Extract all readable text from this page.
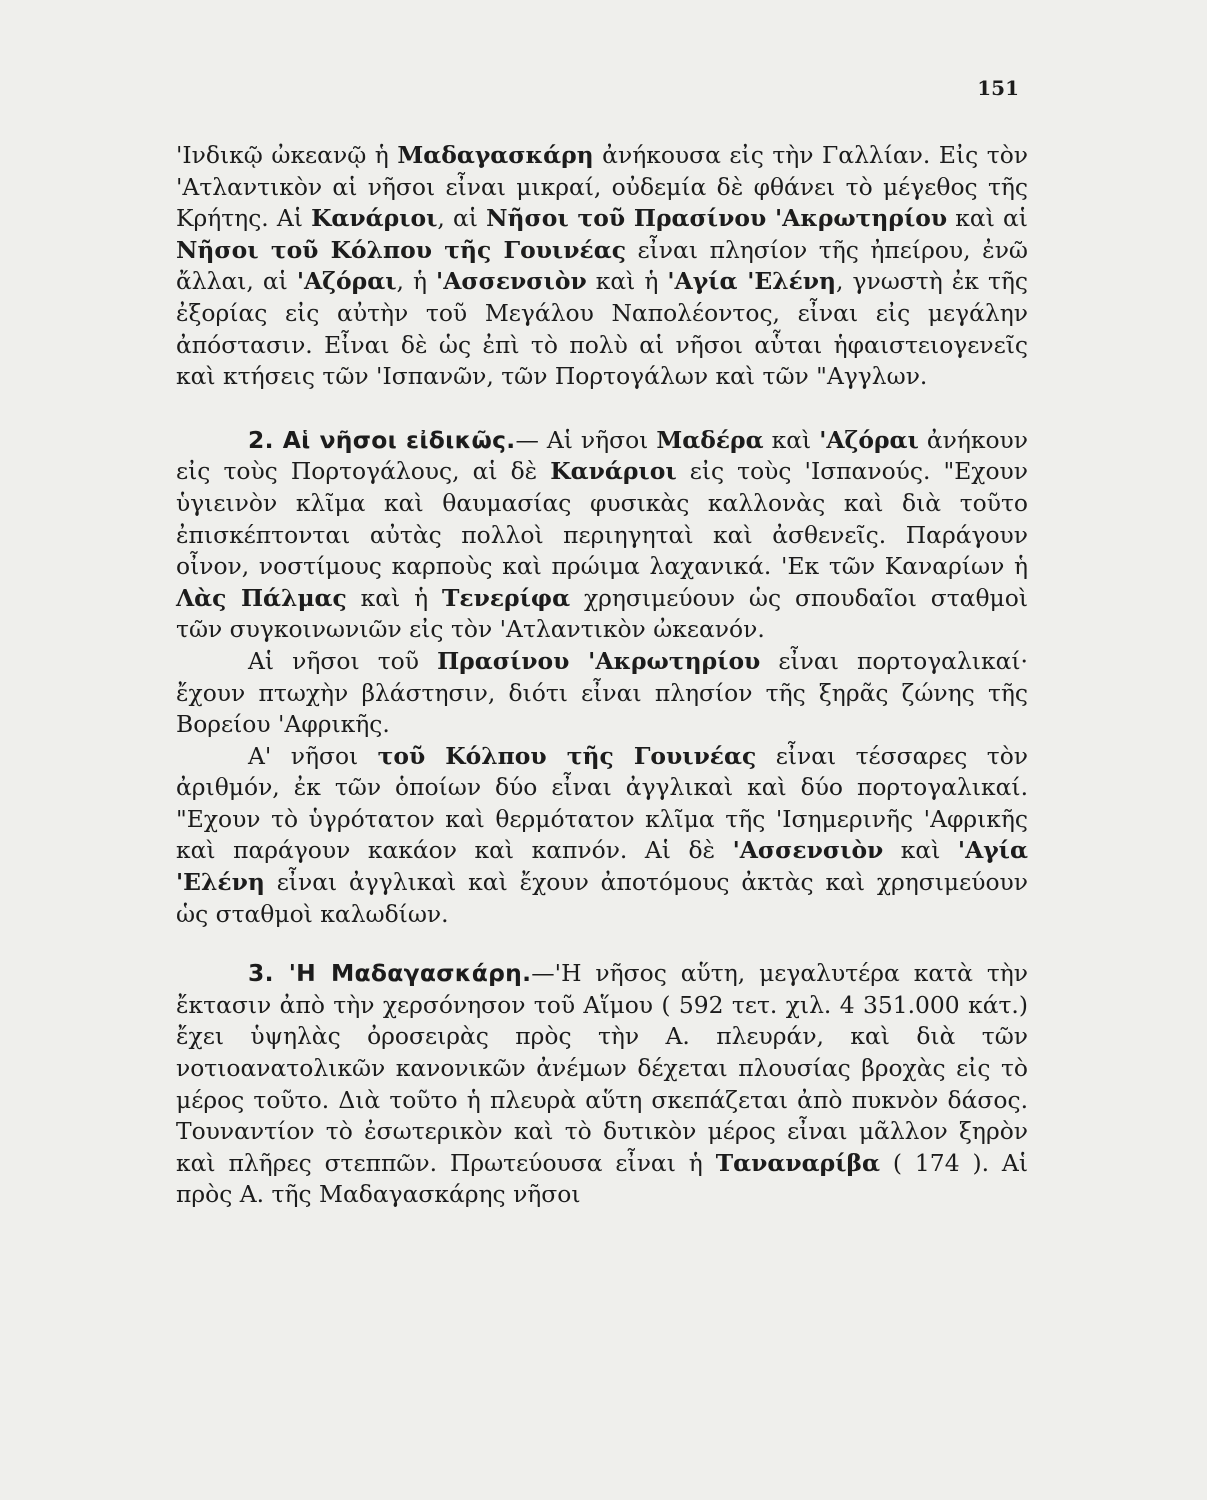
151

'Ινδικῷ ὠκεανῷ ἡ Μαδαγασκάρη ἀνήκουσα εἰς τὴν Γαλλίαν. Εἰς τὸν 'Ατλαντικὸν αἱ νῆσοι εἶναι μικραί, οὐδεμία δὲ φθάνει τὸ μέγεθος τῆς Κρήτης. Αἱ Κανάριοι, αἱ Νῆσοι τοῦ Πρασίνου 'Ακρωτηρίου καὶ αἱ Νῆσοι τοῦ Κόλπου τῆς Γουινέας εἶναι πλησίον τῆς ἠπείρου, ἐνῶ ἄλλαι, αἱ 'Αζόραι, ἡ 'Ασσενσιὸν καὶ ἡ 'Αγία 'Ελένη, γνωστὴ ἐκ τῆς ἐξορίας εἰς αὐτὴν τοῦ Μεγάλου Ναπολέοντος, εἶναι εἰς μεγάλην ἀπόστασιν. Εἶναι δὲ ὡς ἐπὶ τὸ πολὺ αἱ νῆσοι αὗται ἡφαιστειογενεῖς καὶ κτήσεις τῶν 'Ισπανῶν, τῶν Πορτογάλων καὶ τῶν "Αγγλων.

2. Αἱ νῆσοι εἰδικῶς.— Αἱ νῆσοι Μαδέρα καὶ 'Αζόραι ἀνήκουν εἰς τοὺς Πορτογάλους, αἱ δὲ Κανάριοι εἰς τοὺς 'Ισπανούς. "Εχουν ὑγιεινὸν κλῖμα καὶ θαυμασίας φυσικὰς καλλονὰς καὶ διὰ τοῦτο ἐπισκέπτονται αὐτὰς πολλοὶ περιηγηταὶ καὶ ἀσθενεῖς. Παράγουν οἶνον, νοστίμους καρποὺς καὶ πρώιμα λαχανικά. 'Εκ τῶν Καναρίων ἡ Λὰς Πάλμας καὶ ἡ Τενερίφα χρησιμεύουν ὡς σπουδαῖοι σταθμοὶ τῶν συγκοινωνιῶν εἰς τὸν 'Ατλαντικὸν ὠκεανόν.

Αἱ νῆσοι τοῦ Πρασίνου 'Ακρωτηρίου εἶναι πορτογαλικαί· ἔχουν πτωχὴν βλάστησιν, διότι εἶναι πλησίον τῆς ξηρᾶς ζώνης τῆς Βορείου 'Αφρικῆς.

Α' νῆσοι τοῦ Κόλπου τῆς Γουινέας εἶναι τέσσαρες τὸν ἀριθμόν, ἐκ τῶν ὁποίων δύο εἶναι ἀγγλικαὶ καὶ δύο πορτογαλικαί. "Εχουν τὸ ὑγρότατον καὶ θερμότατον κλῖμα τῆς 'Ισημερινῆς 'Αφρικῆς καὶ παράγουν κακάον καὶ καπνόν. Αἱ δὲ 'Ασσενσιὸν καὶ 'Αγία 'Ελένη εἶναι ἀγγλικαὶ καὶ ἔχουν ἀποτόμους ἀκτὰς καὶ χρησιμεύουν ὡς σταθμοὶ καλωδίων.

3. 'Η Μαδαγασκάρη.—'Η νῆσος αὕτη, μεγαλυτέρα κατὰ τὴν ἔκτασιν ἀπὸ τὴν χερσόνησον τοῦ Αἵμου ( 592 τετ. χιλ. 4 351.000 κάτ.) ἔχει ὑψηλὰς ὀροσειρὰς πρὸς τὴν Α. πλευράν, καὶ διὰ τῶν νοτιοανατολικῶν κανονικῶν ἀνέμων δέχεται πλουσίας βροχὰς εἰς τὸ μέρος τοῦτο. Διὰ τοῦτο ἡ πλευρὰ αὕτη σκεπάζεται ἀπὸ πυκνὸν δάσος. Τουναντίον τὸ ἐσωτερικὸν καὶ τὸ δυτικὸν μέρος εἶναι μᾶλλον ξηρὸν καὶ πλῆρες στεππῶν. Πρωτεύουσα εἶναι ἡ Ταναναρίβα ( 174 ). Αἱ πρὸς Α. τῆς Μαδαγασκάρης νῆσοι
